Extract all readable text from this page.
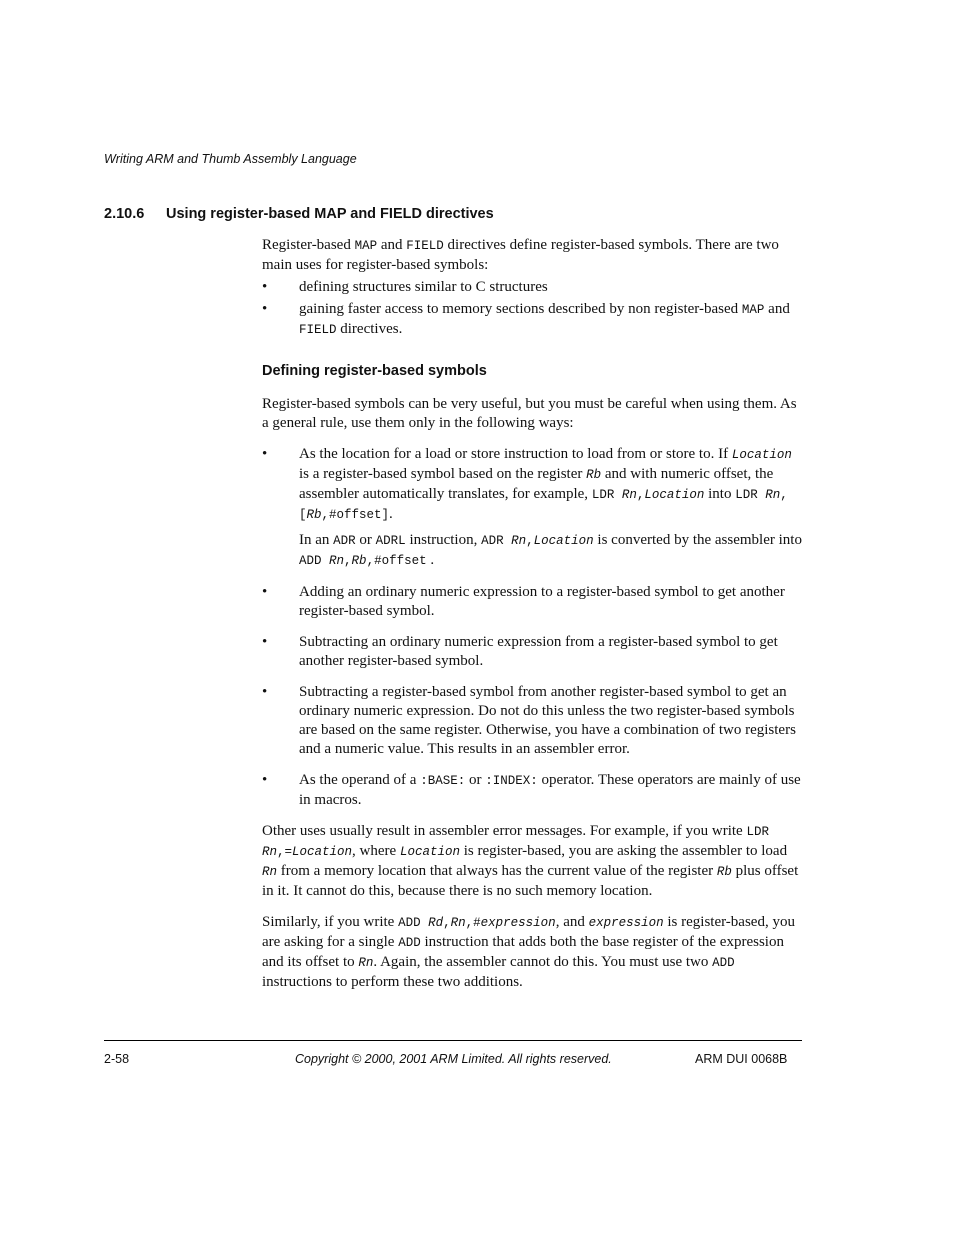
Writing ARM and Thumb Assembly Language
2.10.6 Using register-based MAP and FIELD directives

Register-based MAP and FIELD directives define register-based symbols. There are two main uses for register-based symbols:

• defining structures similar to C structures
• gaining faster access to memory sections described by non register-based MAP and FIELD directives.
Defining register-based symbols

Register-based symbols can be very useful, but you must be careful when using them. As a general rule, use them only in the following ways:

• As the location for a load or store instruction to load from or store to. If Location is a register-based symbol based on the register Rb and with numeric offset, the assembler automatically translates, for example, LDR Rn,Location into LDR Rn,[Rb,#offset].

In an ADR or ADRL instruction, ADR Rn,Location is converted by the assembler into ADD Rn,Rb,#offset .

• Adding an ordinary numeric expression to a register-based symbol to get another register-based symbol.
• Subtracting an ordinary numeric expression from a register-based symbol to get another register-based symbol.
• Subtracting a register-based symbol from another register-based symbol to get an ordinary numeric expression. Do not do this unless the two register-based symbols are based on the same register. Otherwise, you have a combination of two registers and a numeric value. This results in an assembler error.
• As the operand of a :BASE: or :INDEX: operator. These operators are mainly of use in macros.

Other uses usually result in assembler error messages. For example, if you write LDR Rn,=Location, where Location is register-based, you are asking the assembler to load Rn from a memory location that always has the current value of the register Rb plus offset in it. It cannot do this, because there is no such memory location.

Similarly, if you write ADD Rd,Rn,#expression, and expression is register-based, you are asking for a single ADD instruction that adds both the base register of the expression and its offset to Rn. Again, the assembler cannot do this. You must use two ADD instructions to perform these two additions.

2-58	Copyright © 2000, 2001 ARM Limited. All rights reserved.	ARM DUI 0068B
